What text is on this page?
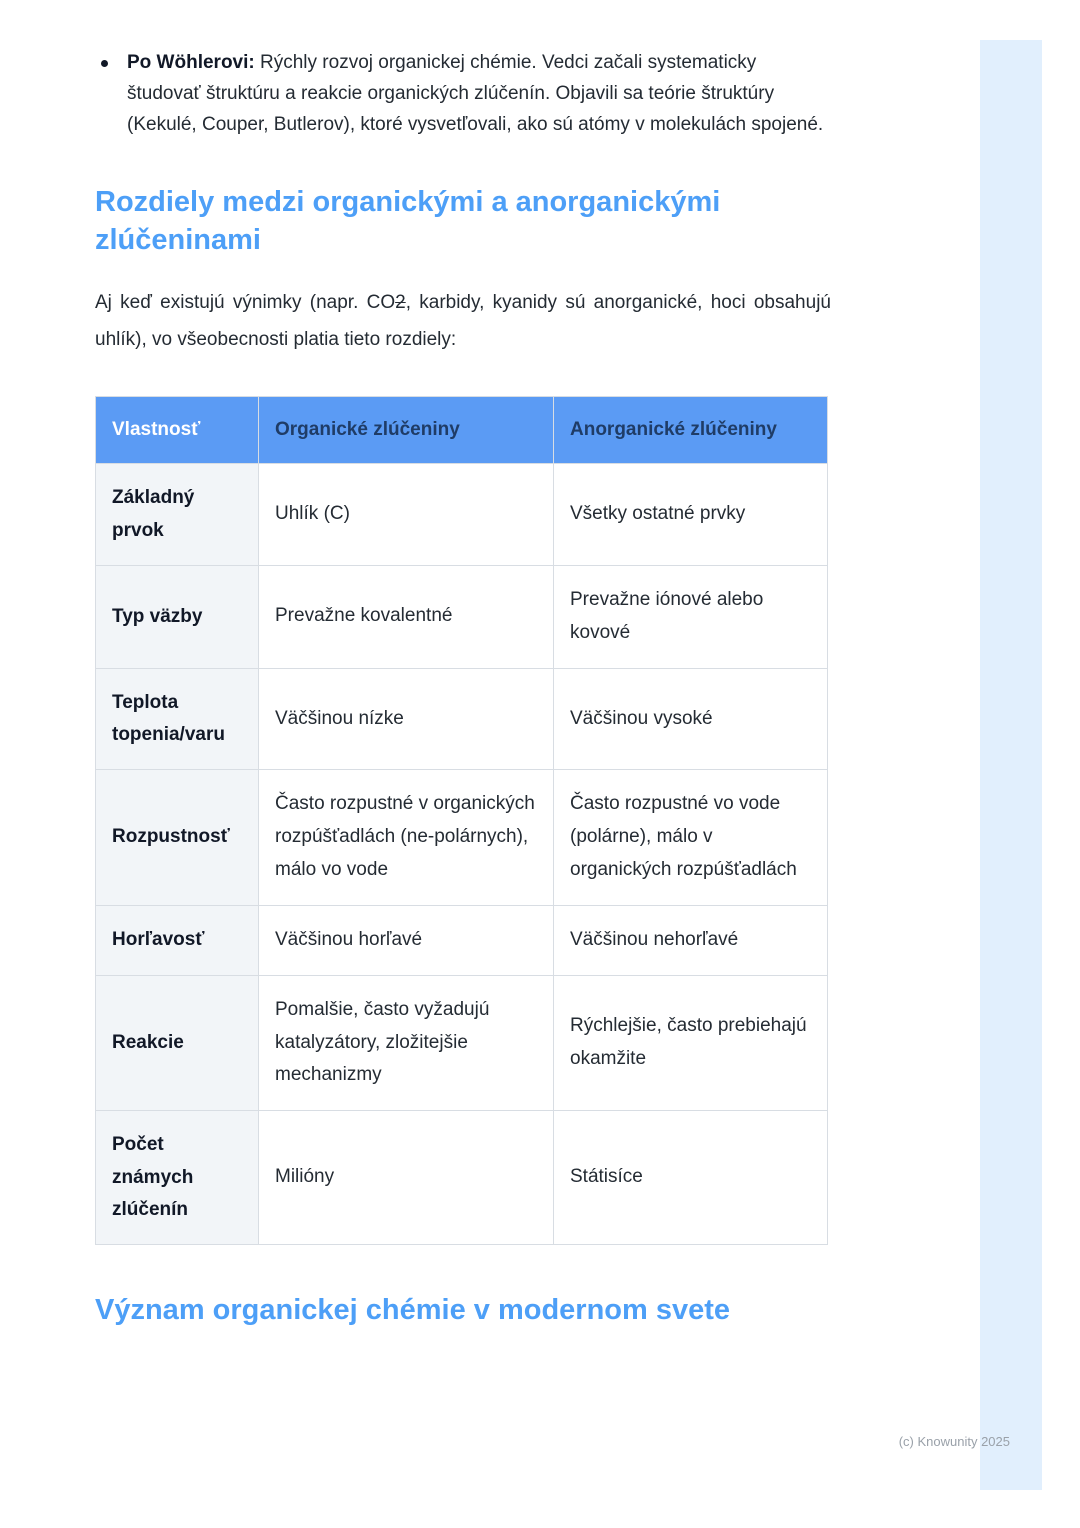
Po Wöhlerovi: Rýchly rozvoj organickej chémie. Vedci začali systematicky študovať štruktúru a reakcie organických zlúčenín. Objavili sa teórie štruktúry (Kekulé, Couper, Butlerov), ktoré vysvetľovali, ako sú atómy v molekulách spojené.

Rozdiely medzi organickými a anorganickými zlúčeninami

Aj keď existujú výnimky (napr. CO2, karbidy, kyanidy sú anorganické, hoci obsahujú uhlík), vo všeobecnosti platia tieto rozdiely:

Vlastnosť	Organické zlúčeniny	Anorganické zlúčeniny
Základný prvok	Uhlík (C)	Všetky ostatné prvky
Typ väzby	Prevažne kovalentné	Prevažne iónové alebo kovové
Teplota topenia/varu	Väčšinou nízke	Väčšinou vysoké
Rozpustnosť	Často rozpustné v organických rozpúšťadlách (ne-polárnych), málo vo vode	Často rozpustné vo vode (polárne), málo v organických rozpúšťadlách
Horľavosť	Väčšinou horľavé	Väčšinou nehorľavé
Reakcie	Pomalšie, často vyžadujú katalyzátory, zložitejšie mechanizmy	Rýchlejšie, často prebiehajú okamžite
Počet známych zlúčenín	Milióny	Státisíce
Význam organickej chémie v modernom svete
(c) Knowunity 2025
